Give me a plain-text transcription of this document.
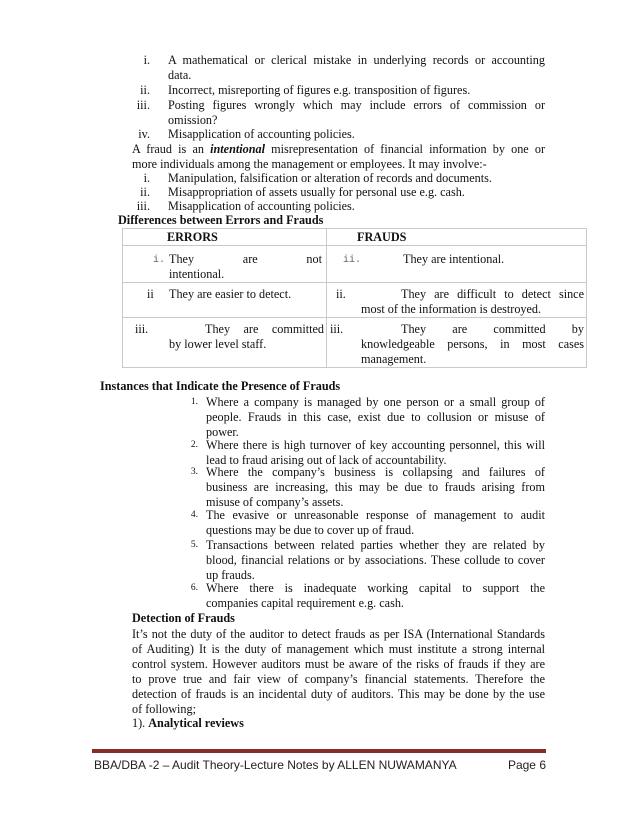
i. A mathematical or clerical mistake in underlying records or accounting
data.
ii. Incorrect, misreporting of figures e.g. transposition of figures.
iii. Posting figures wrongly which may include errors of commission or
omission?
iv. Misapplication of accounting policies.
A fraud is an intentional misrepresentation of financial information by one or
more individuals among the management or employees. It may involve:-
i. Manipulation, falsification or alteration of records and documents.
ii. Misappropriation of assets usually for personal use e.g. cash.
iii. Misapplication of accounting policies.
Differences between Errors and Frauds
ERRORS	FRAUDS

i. They are not
intentional.	ii. They are intentional.

ii They are easier to detect.	ii. They are difficult to detect since
most of the information is destroyed.

iii. They are committed
by lower level staff.	iii. They are committed by
knowledgeable persons, in most cases
management.
Instances that Indicate the Presence of Frauds
1. Where a company is managed by one person or a small group of
people. Frauds in this case, exist due to collusion or misuse of
power.
2. Where there is high turnover of key accounting personnel, this will
lead to fraud arising out of lack of accountability.
3. Where the company’s business is collapsing and failures of
business are increasing, this may be due to frauds arising from
misuse of company’s assets.
4. The evasive or unreasonable response of management to audit
questions may be due to cover up of fraud.
5. Transactions between related parties whether they are related by
blood, financial relations or by associations. These collude to cover
up frauds.
6. Where there is inadequate working capital to support the
companies capital requirement e.g. cash.
Detection of Frauds
It’s not the duty of the auditor to detect frauds as per ISA (International Standards
of Auditing) It is the duty of management which must institute a strong internal
control system. However auditors must be aware of the risks of frauds if they are
to prove true and fair view of company’s financial statements. Therefore the
detection of frauds is an incidental duty of auditors. This may be done by the use
of following;
1). Analytical reviews
BBA/DBA -2 – Audit Theory-Lecture Notes by ALLEN NUWAMANYA	Page 6
